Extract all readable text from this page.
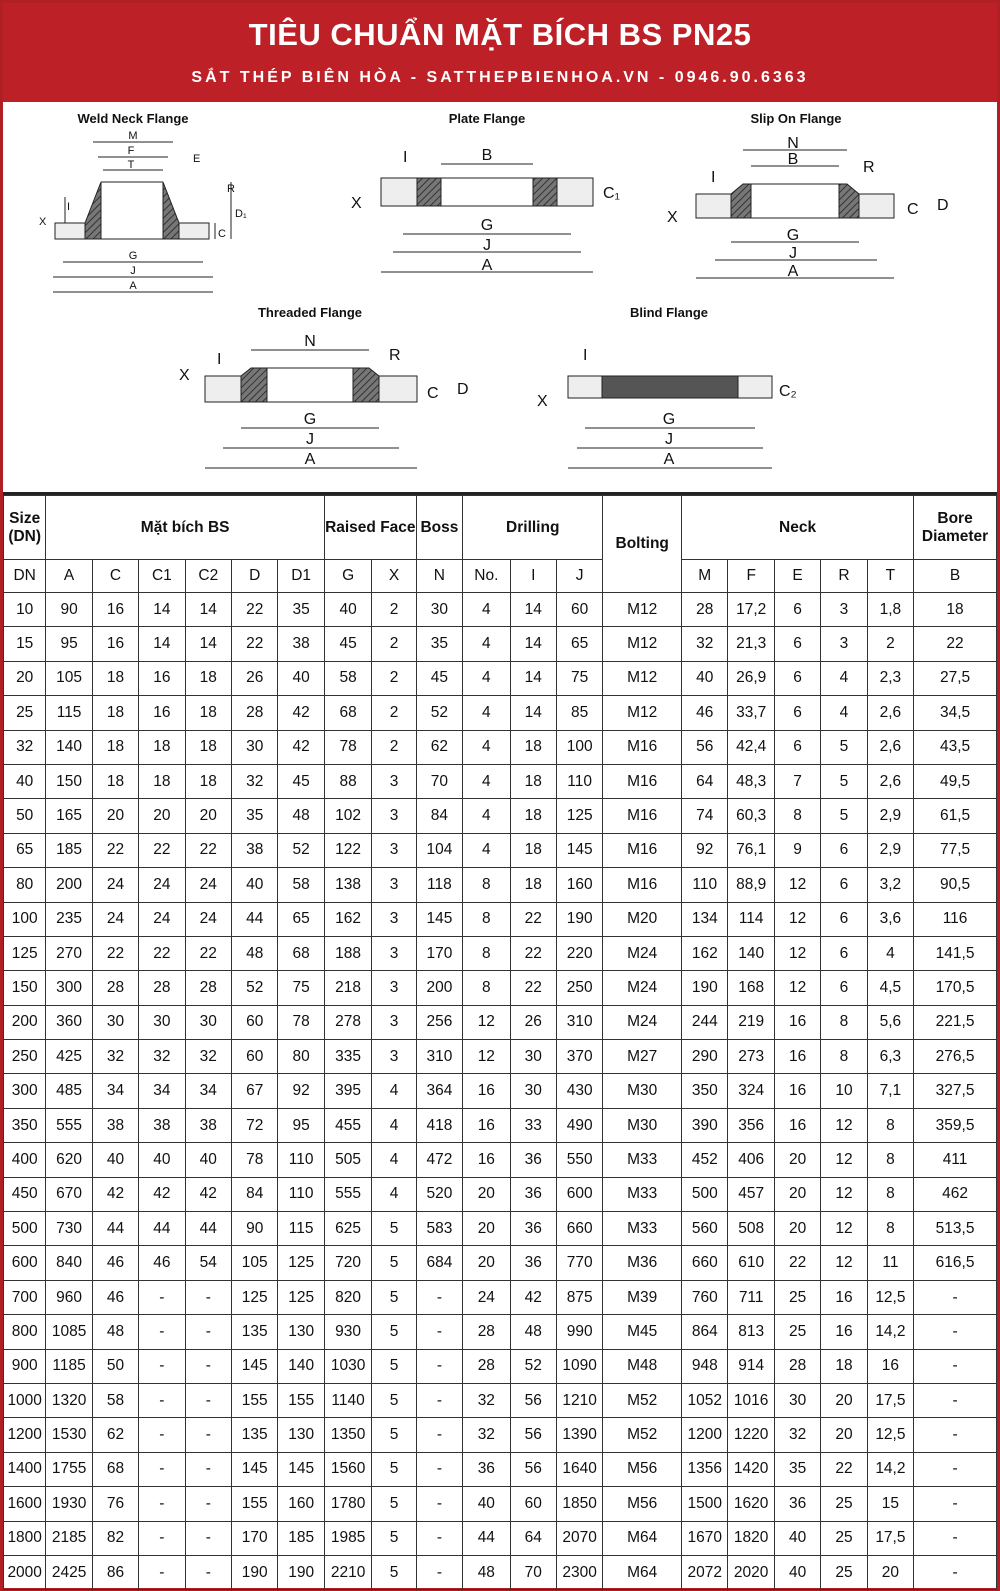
TIÊU CHUẨN MẶT BÍCH BS PN25
SẮT THÉP BIÊN HÒA - SATTHEPBIENHOA.VN - 0946.90.6363
Weld Neck Flange
M
F
T	E
R
D₁
C
X
I
G
J
A
Plate Flange
B
I
X
C₁
G
J
A
Slip On Flange
N
B	R
I
X	C D
G
J
A
Threaded Flange
N
R
I
X
C D
G
J
A
Blind Flange
I
X
C₂
G
J
A
Size (DN)	Mặt bích BS						Raised Face		Boss	Drilling			Bolting	Neck					Bore Diameter
DN	A	C	C1	C2	D	D1	G	X	N	No.	I	J		M	F	E	R	T	B
10	90	16	14	14	22	35	40	2	30	4	14	60	M12	28	17,2	6	3	1,8	18
15	95	16	14	14	22	38	45	2	35	4	14	65	M12	32	21,3	6	3	2	22
20	105	18	16	18	26	40	58	2	45	4	14	75	M12	40	26,9	6	4	2,3	27,5
25	115	18	16	18	28	42	68	2	52	4	14	85	M12	46	33,7	6	4	2,6	34,5
32	140	18	18	18	30	42	78	2	62	4	18	100	M16	56	42,4	6	5	2,6	43,5
40	150	18	18	18	32	45	88	3	70	4	18	110	M16	64	48,3	7	5	2,6	49,5
50	165	20	20	20	35	48	102	3	84	4	18	125	M16	74	60,3	8	5	2,9	61,5
65	185	22	22	22	38	52	122	3	104	4	18	145	M16	92	76,1	9	6	2,9	77,5
80	200	24	24	24	40	58	138	3	118	8	18	160	M16	110	88,9	12	6	3,2	90,5
100	235	24	24	24	44	65	162	3	145	8	22	190	M20	134	114	12	6	3,6	116
125	270	22	22	22	48	68	188	3	170	8	22	220	M24	162	140	12	6	4	141,5
150	300	28	28	28	52	75	218	3	200	8	22	250	M24	190	168	12	6	4,5	170,5
200	360	30	30	30	60	78	278	3	256	12	26	310	M24	244	219	16	8	5,6	221,5
250	425	32	32	32	60	80	335	3	310	12	30	370	M27	290	273	16	8	6,3	276,5
300	485	34	34	34	67	92	395	4	364	16	30	430	M30	350	324	16	10	7,1	327,5
350	555	38	38	38	72	95	455	4	418	16	33	490	M30	390	356	16	12	8	359,5
400	620	40	40	40	78	110	505	4	472	16	36	550	M33	452	406	20	12	8	411
450	670	42	42	42	84	110	555	4	520	20	36	600	M33	500	457	20	12	8	462
500	730	44	44	44	90	115	625	5	583	20	36	660	M33	560	508	20	12	8	513,5
600	840	46	46	54	105	125	720	5	684	20	36	770	M36	660	610	22	12	11	616,5
700	960	46	-	-	125	125	820	5	-	24	42	875	M39	760	711	25	16	12,5	-
800	1085	48	-	-	135	130	930	5	-	28	48	990	M45	864	813	25	16	14,2	-
900	1185	50	-	-	145	140	1030	5	-	28	52	1090	M48	948	914	28	18	16	-
1000	1320	58	-	-	155	155	1140	5	-	32	56	1210	M52	1052	1016	30	20	17,5	-
1200	1530	62	-	-	135	130	1350	5	-	32	56	1390	M52	1200	1220	32	20	12,5	-
1400	1755	68	-	-	145	145	1560	5	-	36	56	1640	M56	1356	1420	35	22	14,2	-
1600	1930	76	-	-	155	160	1780	5	-	40	60	1850	M56	1500	1620	36	25	15	-
1800	2185	82	-	-	170	185	1985	5	-	44	64	2070	M64	1670	1820	40	25	17,5	-
2000	2425	86	-	-	190	190	2210	5	-	48	70	2300	M64	2072	2020	40	25	20	-
